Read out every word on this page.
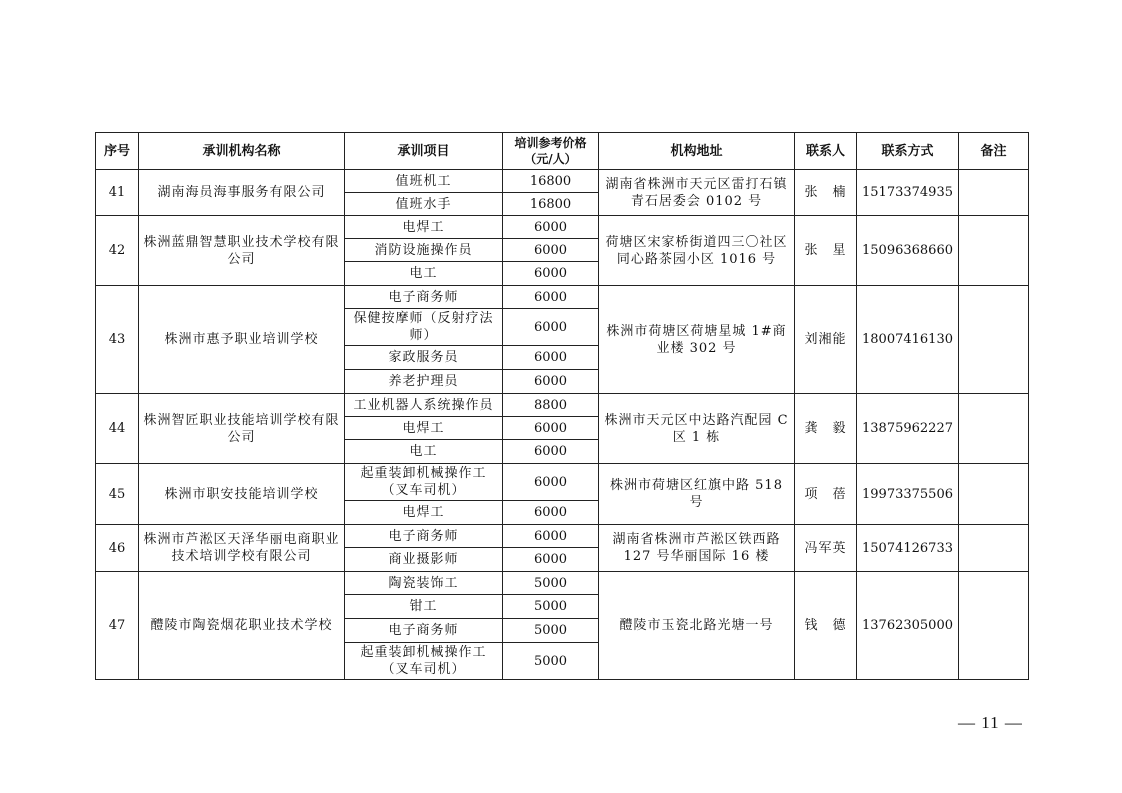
序号	承训机构名称	承训项目	培训参考价格（元/人）	机构地址	联系人	联系方式	备注
41	湖南海员海事服务有限公司	值班机工	16800	湖南省株洲市天元区雷打石镇青石居委会 0102 号	张　楠	15173374935	
		值班水手	16800				
42	株洲蓝鼎智慧职业技术学校有限公司	电焊工	6000	荷塘区宋家桥街道四三〇社区同心路茶园小区 1016 号	张　星	15096368660	
		消防设施操作员	6000				
		电工	6000				
43	株洲市惠予职业培训学校	电子商务师	6000	株洲市荷塘区荷塘星城 1#商业楼 302 号	刘湘能	18007416130	
		保健按摩师（反射疗法师）	6000				
		家政服务员	6000				
		养老护理员	6000				
44	株洲智匠职业技能培训学校有限公司	工业机器人系统操作员	8800	株洲市天元区中达路汽配园 C 区 1 栋	龚　毅	13875962227	
		电焊工	6000				
		电工	6000				
45	株洲市职安技能培训学校	起重装卸机械操作工（叉车司机）	6000	株洲市荷塘区红旗中路 518 号	项　蓓	19973375506	
		电焊工	6000				
46	株洲市芦淞区天泽华丽电商职业技术培训学校有限公司	电子商务师	6000	湖南省株洲市芦淞区铁西路 127 号华丽国际 16 楼	冯军英	15074126733	
		商业摄影师	6000				
47	醴陵市陶瓷烟花职业技术学校	陶瓷装饰工	5000	醴陵市玉瓷北路光塘一号	钱　德	13762305000	
		钳工	5000				
		电子商务师	5000				
		起重装卸机械操作工（叉车司机）	5000				
— 11 —
